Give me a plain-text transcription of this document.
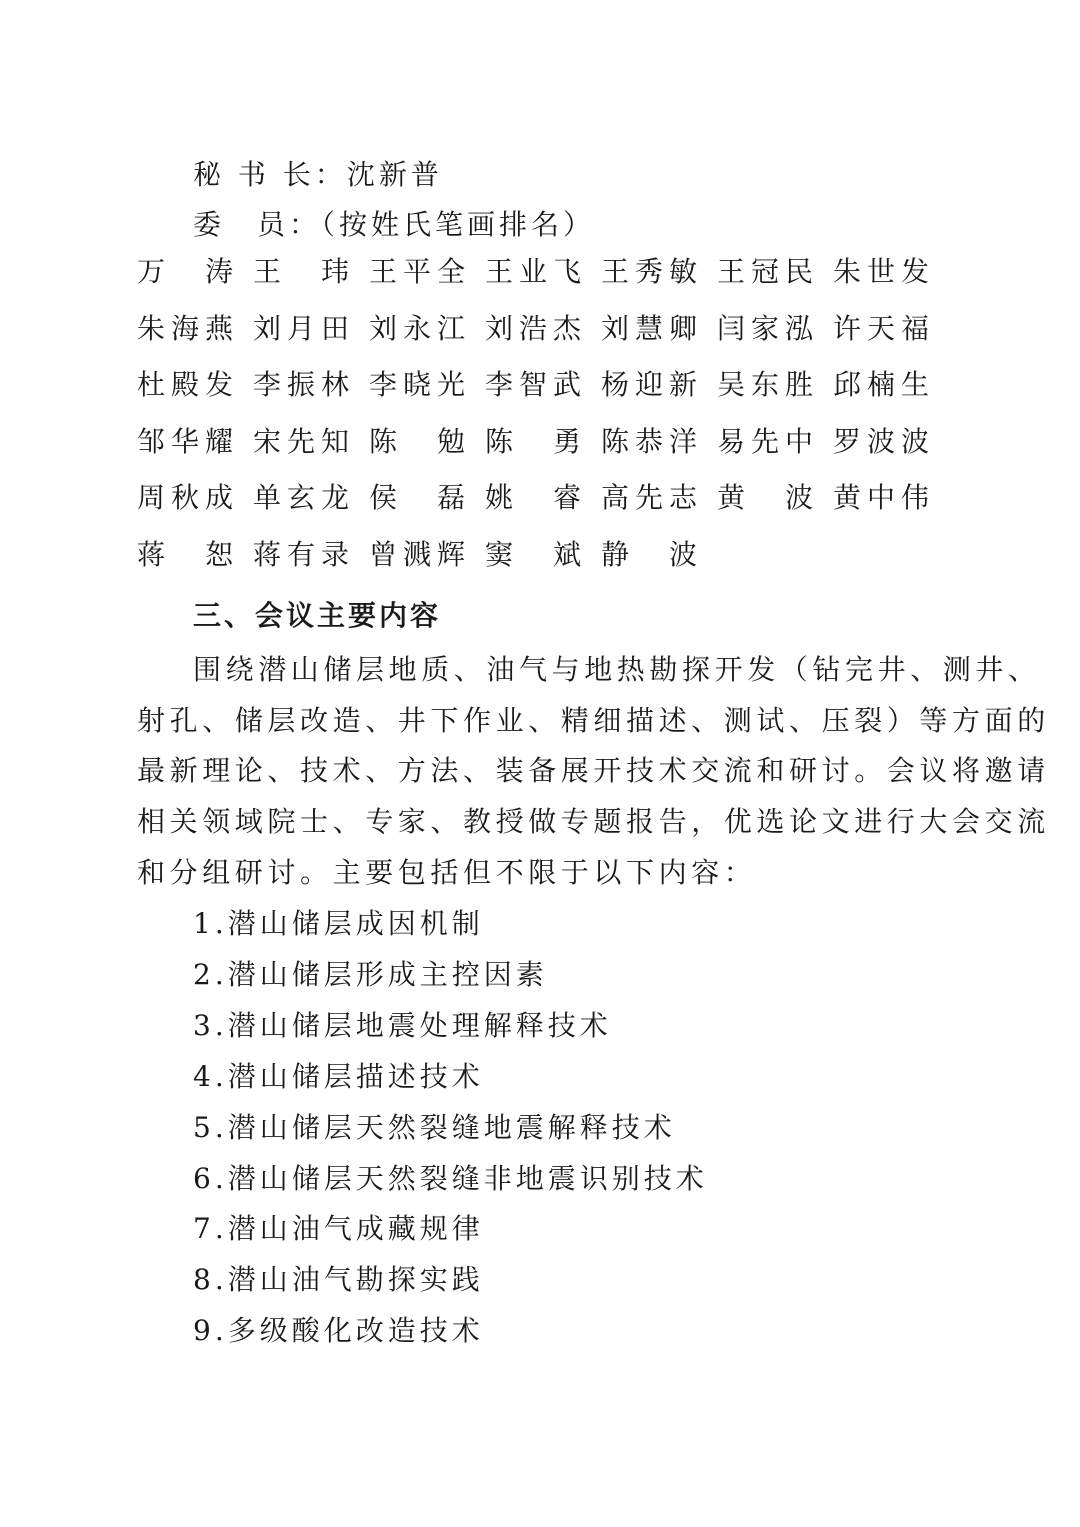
秘 书 长：沈新普
委　员：（按姓氏笔画排名）
万涛
王玮
王平全 王业飞 王秀敏 王冠民 朱世发
朱海燕 刘月田 刘永江 刘浩杰 刘慧卿 闫家泓 许天福
杜殿发 李振林 李晓光 李智武 杨迎新 吴东胜 邱楠生
邹华耀 宋先知 陈勉
陈勇
陈恭洋 易先中 罗波波
周秋成 单玄龙 侯磊
姚睿
高先志 黄波
黄中伟
蒋恕
蒋有录 曾溅辉 窦斌
静波
三、会议主要内容
围绕潜山储层地质、油气与地热勘探开发（钻完井、测井、
射孔、储层改造、井下作业、精细描述、测试、压裂）等方面的
最新理论、技术、方法、装备展开技术交流和研讨。会议将邀请
相关领域院士、专家、教授做专题报告，优选论文进行大会交流
和分组研讨。主要包括但不限于以下内容：
1.潜山储层成因机制
2.潜山储层形成主控因素
3.潜山储层地震处理解释技术
4.潜山储层描述技术
5.潜山储层天然裂缝地震解释技术
6.潜山储层天然裂缝非地震识别技术
7.潜山油气成藏规律
8.潜山油气勘探实践
9.多级酸化改造技术
